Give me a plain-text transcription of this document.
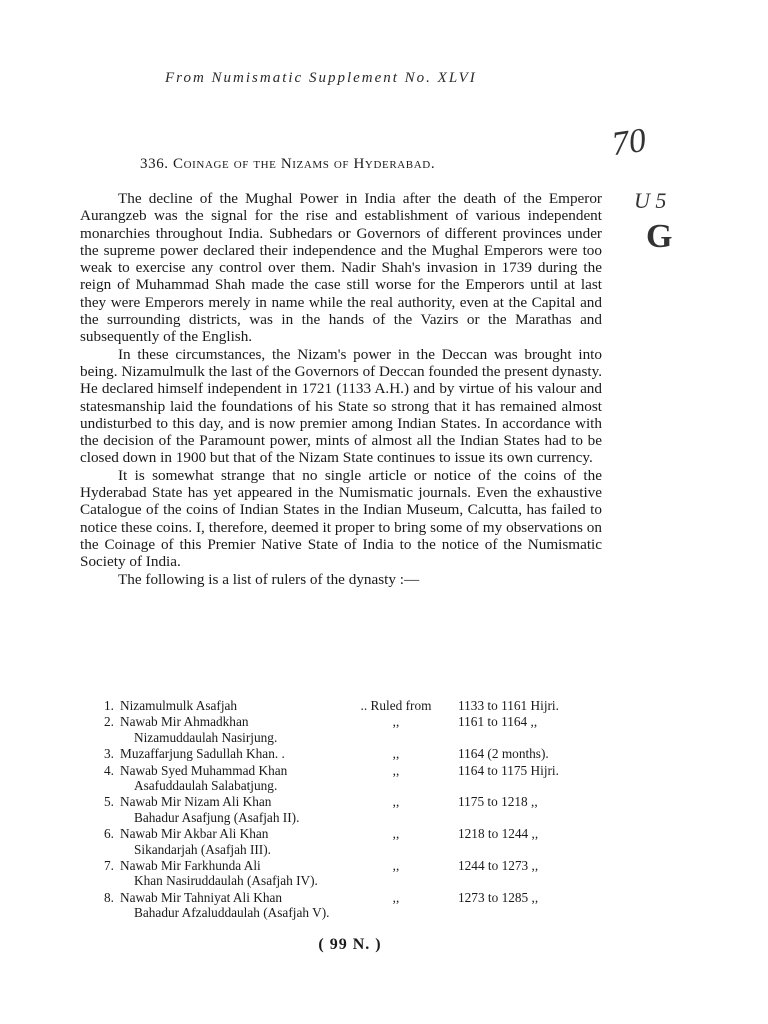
From Numismatic Supplement No. XLVI
70
U 5
G
336. Coinage of the Nizams of Hyderabad.

The decline of the Mughal Power in India after the death of the Emperor Aurangzeb was the signal for the rise and establishment of various independent monarchies throughout India. Subhedars or Governors of different provinces under the supreme power declared their independence and the Mughal Emperors were too weak to exercise any control over them. Nadir Shah's invasion in 1739 during the reign of Muhammad Shah made the case still worse for the Emperors until at last they were Emperors merely in name while the real authority, even at the Capital and the surrounding districts, was in the hands of the Vazirs or the Marathas and subsequently of the English.

In these circumstances, the Nizam's power in the Deccan was brought into being. Nizamulmulk the last of the Governors of Deccan founded the present dynasty. He declared himself independent in 1721 (1133 A.H.) and by virtue of his valour and statesmanship laid the foundations of his State so strong that it has remained almost undisturbed to this day, and is now premier among Indian States. In accordance with the decision of the Paramount power, mints of almost all the Indian States had to be closed down in 1900 but that of the Nizam State continues to issue its own currency.

It is somewhat strange that no single article or notice of the coins of the Hyderabad State has yet appeared in the Numismatic journals. Even the exhaustive Catalogue of the coins of Indian States in the Indian Museum, Calcutta, has failed to notice these coins. I, therefore, deemed it proper to bring some of my observations on the Coinage of this Premier Native State of India to the notice of the Numismatic Society of India.

The following is a list of rulers of the dynasty :—

1. Nizamulmulk Asafjah	.. Ruled from	1133 to 1161 Hijri.
2. Nawab Mir Ahmadkhan
Nizamuddaulah Nasirjung.
,,	1161 to 1164 ,,
3. Muzaffarjung Sadullah Khan. .	,,	1164 (2 months).
4. Nawab Syed Muhammad Khan
Asafuddaulah Salabatjung.
,,	1164 to 1175 Hijri.
5. Nawab Mir Nizam Ali Khan
Bahadur Asafjung (Asafjah II).
,,	1175 to 1218 ,,
6. Nawab Mir Akbar Ali Khan
Sikandarjah (Asafjah III).
,,	1218 to 1244 ,,
7. Nawab Mir Farkhunda Ali
Khan Nasiruddaulah (Asafjah IV).
,,	1244 to 1273 ,,
8. Nawab Mir Tahniyat Ali Khan
Bahadur Afzaluddaulah (Asafjah V).
,,	1273 to 1285 ,,
( 99 N. )
